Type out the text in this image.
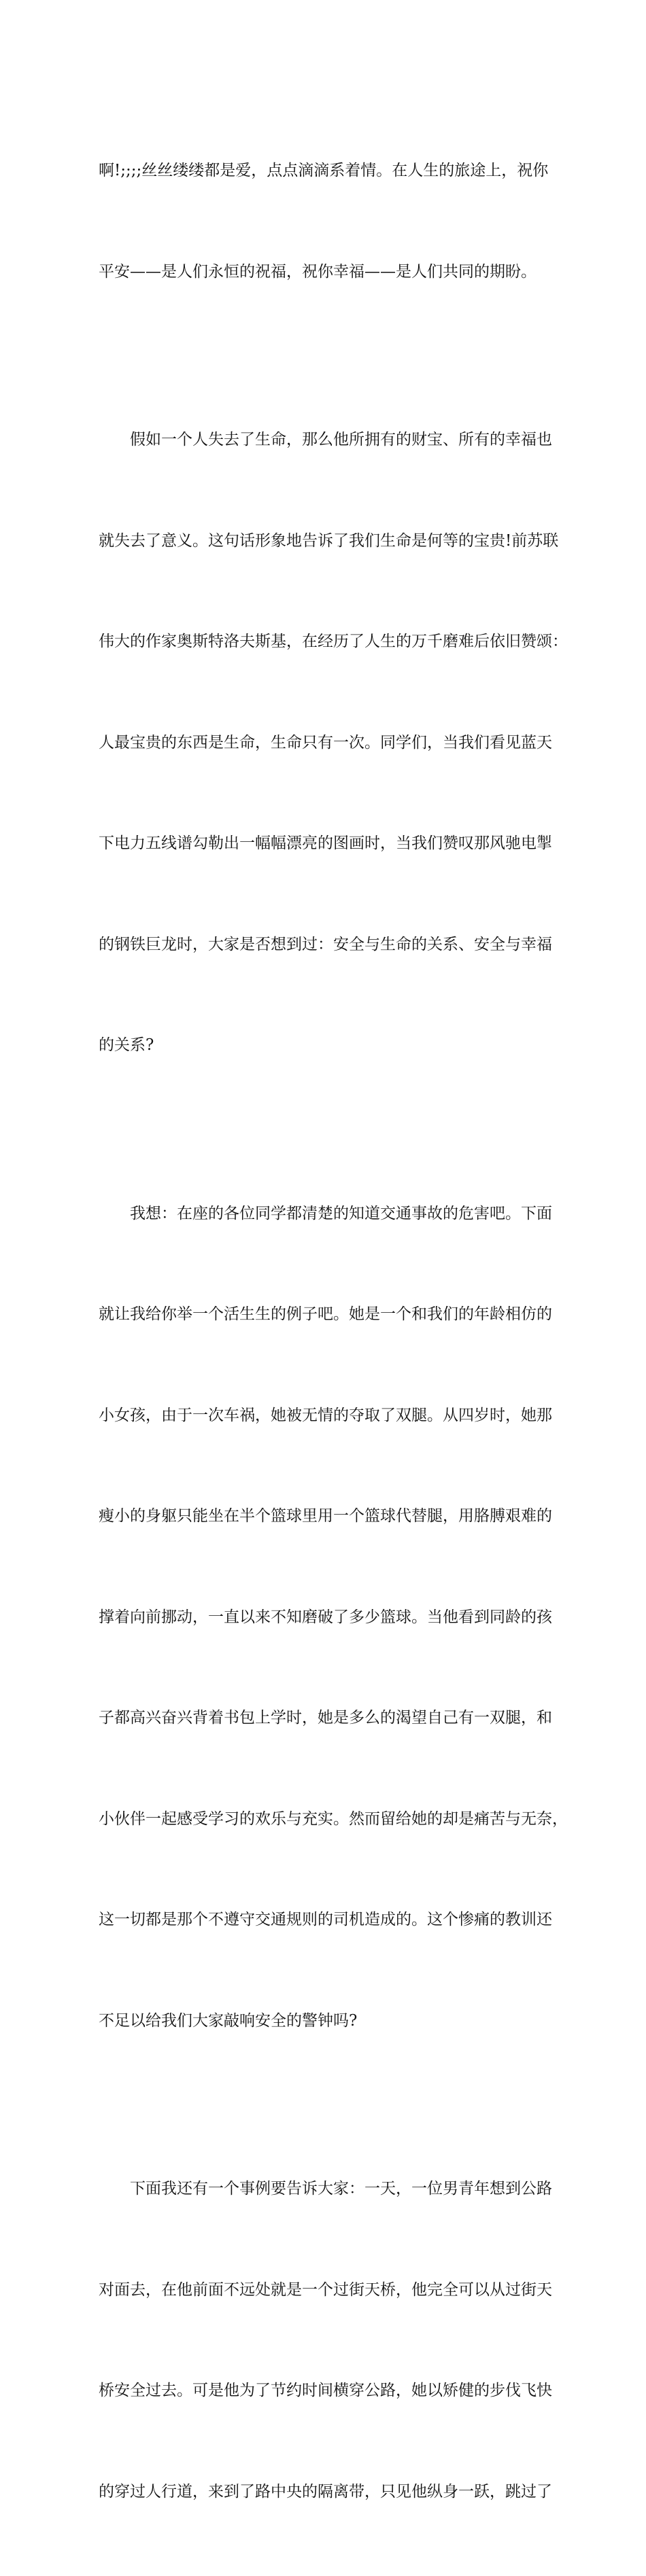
啊!;;;;丝丝缕缕都是爱，点点滴滴系着情。在人生的旅途上，祝你

平安——是人们永恒的祝福，祝你幸福——是人们共同的期盼。

假如一个人失去了生命，那么他所拥有的财宝、所有的幸福也

就失去了意义。这句话形象地告诉了我们生命是何等的宝贵!前苏联

伟大的作家奥斯特洛夫斯基，在经历了人生的万千磨难后依旧赞颂：

人最宝贵的东西是生命，生命只有一次。同学们，当我们看见蓝天

下电力五线谱勾勒出一幅幅漂亮的图画时，当我们赞叹那风驰电掣

的钢铁巨龙时，大家是否想到过：安全与生命的关系、安全与幸福

的关系?

我想：在座的各位同学都清楚的知道交通事故的危害吧。下面

就让我给你举一个活生生的例子吧。她是一个和我们的年龄相仿的

小女孩，由于一次车祸，她被无情的夺取了双腿。从四岁时，她那

瘦小的身躯只能坐在半个篮球里用一个篮球代替腿，用胳膊艰难的

撑着向前挪动，一直以来不知磨破了多少篮球。当他看到同龄的孩

子都高兴奋兴背着书包上学时，她是多么的渴望自己有一双腿，和

小伙伴一起感受学习的欢乐与充实。然而留给她的却是痛苦与无奈，

这一切都是那个不遵守交通规则的司机造成的。这个惨痛的教训还

不足以给我们大家敲响安全的警钟吗?

下面我还有一个事例要告诉大家：一天，一位男青年想到公路

对面去，在他前面不远处就是一个过街天桥，他完全可以从过街天

桥安全过去。可是他为了节约时间横穿公路，她以矫健的步伐飞快

的穿过人行道，来到了路中央的隔离带，只见他纵身一跃，跳过了
